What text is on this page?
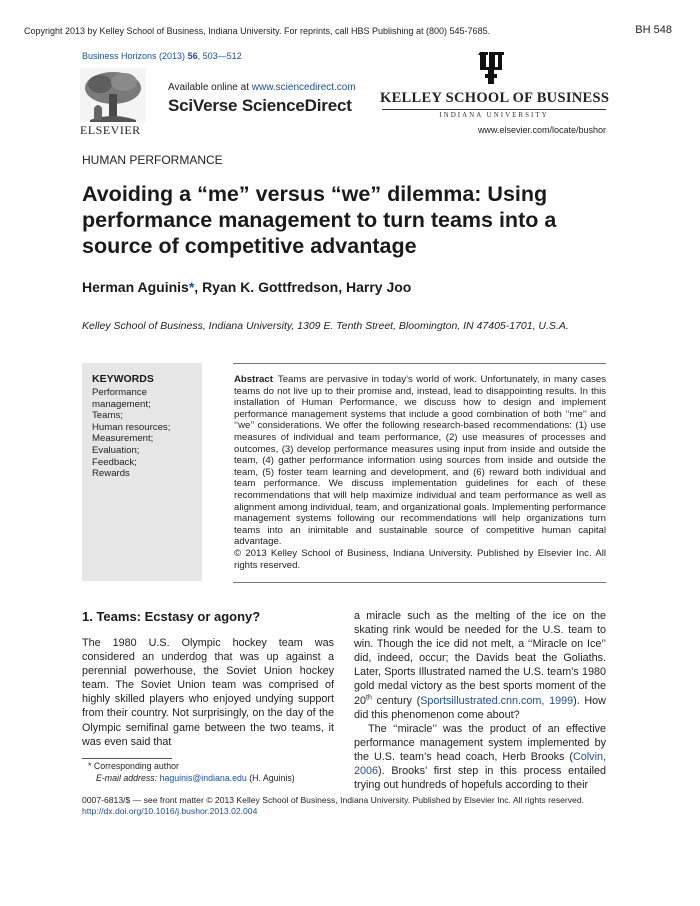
Copyright 2013 by Kelley School of Business, Indiana University. For reprints, call HBS Publishing at (800) 545-7685.	BH 548
Business Horizons (2013) 56, 503—512
ELSEVIER
Available online at www.sciencedirect.com
SciVerse ScienceDirect KELLEY SCHOOL OF BUSINESS
INDIANA UNIVERSITY
www.elsevier.com/locate/bushor
HUMAN PERFORMANCE
Avoiding a “me” versus “we” dilemma: Using performance management to turn teams into a source of competitive advantage
Herman Aguinis*, Ryan K. Gottfredson, Harry Joo
Kelley School of Business, Indiana University, 1309 E. Tenth Street, Bloomington, IN 47405-1701, U.S.A.
KEYWORDS
Performance management;
Teams;
Human resources;
Measurement;
Evaluation;
Feedback;
Rewards
Abstract Teams are pervasive in today’s world of work. Unfortunately, in many cases teams do not live up to their promise and, instead, lead to disappointing results. In this installation of Human Performance, we discuss how to design and implement performance management systems that include a good combination of both ‘‘me’’ and ‘‘we’’ considerations. We offer the following research-based recommendations: (1) use measures of individual and team performance, (2) use measures of processes and outcomes, (3) develop performance measures using input from inside and outside the team, (4) gather performance information using sources from inside and outside the team, (5) foster team learning and development, and (6) reward both individual and team performance. We discuss implementation guidelines for each of these recommendations that will help maximize individual and team performance as well as alignment among individual, team, and organizational goals. Implementing performance management systems following our recommendations will help organizations turn teams into an inimitable and sustainable source of competitive human capital advantage.
© 2013 Kelley School of Business, Indiana University. Published by Elsevier Inc. All rights reserved.
1. Teams: Ecstasy or agony?
The 1980 U.S. Olympic hockey team was considered an underdog that was up against a perennial powerhouse, the Soviet Union hockey team. The Soviet Union team was comprised of highly skilled players who enjoyed undying support from their country. Not surprisingly, on the day of the Olympic semifinal game between the two teams, it was even said that

a miracle such as the melting of the ice on the skating rink would be needed for the U.S. team to win. Though the ice did not melt, a ‘‘Miracle on Ice’’ did, indeed, occur; the Davids beat the Goliaths. Later, Sports Illustrated named the U.S. team’s 1980 gold medal victory as the best sports moment of the 20th century (Sportsillustrated.cnn.com, 1999). How did this phenomenon come about?

The ‘‘miracle’’ was the product of an effective performance management system implemented by the U.S. team’s head coach, Herb Brooks (Colvin, 2006). Brooks’ first step in this process entailed trying out hundreds of hopefuls according to their

* Corresponding author
E-mail address: haguinis@indiana.edu (H. Aguinis)
0007-6813/$ — see front matter © 2013 Kelley School of Business, Indiana University. Published by Elsevier Inc. All rights reserved.
http://dx.doi.org/10.1016/j.bushor.2013.02.004
